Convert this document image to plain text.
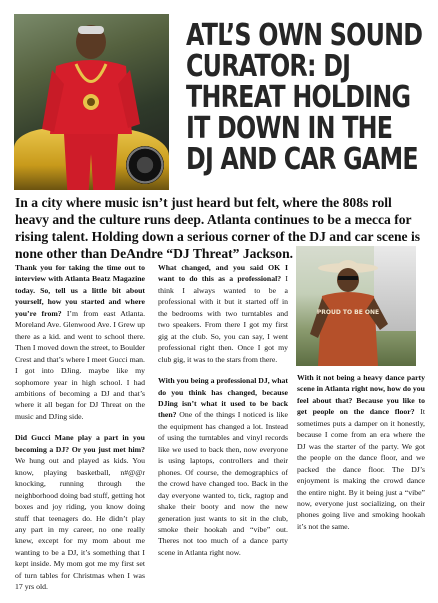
ATL’S OWN SOUND CURATOR: DJ THREAT HOLDING IT DOWN IN THE DJ AND CAR GAME

In a city where music isn’t just heard but felt, where the 808s roll heavy and the culture runs deep. Atlanta continues to be a mecca for rising talent. Holding down a serious corner of the DJ and car scene is none other than DeAndre “DJ Threat” Jackson.

Thank you for taking the time out to interview with Atlanta Beatz Magazine today. So, tell us a little bit about yourself, how you started and where you’re from? I’m from east Atlanta. Moreland Ave. Glenwood Ave. I Grew up there as a kid. and went to school there. Then I moved down the street, to Boulder Crest and that’s where I meet Gucci man. I got into DJing. maybe like my sophomore year in high school. I had ambitions of becoming a DJ and that’s where it all began for DJ Threat on the music and DJing side.

Did Gucci Mane play a part in you becoming a DJ? Or you just met him? We hung out and played as kids. You know, playing basketball, n#@@r knocking, running through the neighborhood doing bad stuff, getting hot boxes and joy riding, you know doing stuff that teenagers do. He didn’t play any part in my career, no one really knew, except for my mom about me wanting to be a DJ, it’s something that I kept inside. My mom got me my first set of turn tables for Christmas when I was 17 yrs old.

What changed, and you said OK I want to do this as a professional? I think I always wanted to be a professional with it but it started off in the bedrooms with two turntables and two speakers. From there I got my first gig at the club. So, you can say, I went professional right then. Once I got my club gig, it was to the stars from there.

With you being a professional DJ, what do you think has changed, because DJing isn’t what it used to be back then? One of the things I noticed is like the equipment has changed a lot. Instead of using the turntables and vinyl records like we used to back then, now everyone is using laptops, controllers and their phones. Of course, the demographics of the crowd have changed too. Back in the day everyone wanted to, tick, ragtop and shake their booty and now the new generation just wants to sit in the club, smoke their hookah and “vibe” out. Theres not too much of a dance party scene in Atlanta right now.

PROUD TO BE ONE

With it not being a heavy dance party scene in Atlanta right now, how do you feel about that? Because you like to get people on the dance floor? It sometimes puts a damper on it honestly, because I come from an era where the DJ was the starter of the party. We got the people on the dance floor, and we packed the dance floor. The DJ’s enjoyment is making the crowd dance the entire night. By it being just a “vibe” now, everyone just socializing, on their phones going live and smoking hookah it’s not the same.
